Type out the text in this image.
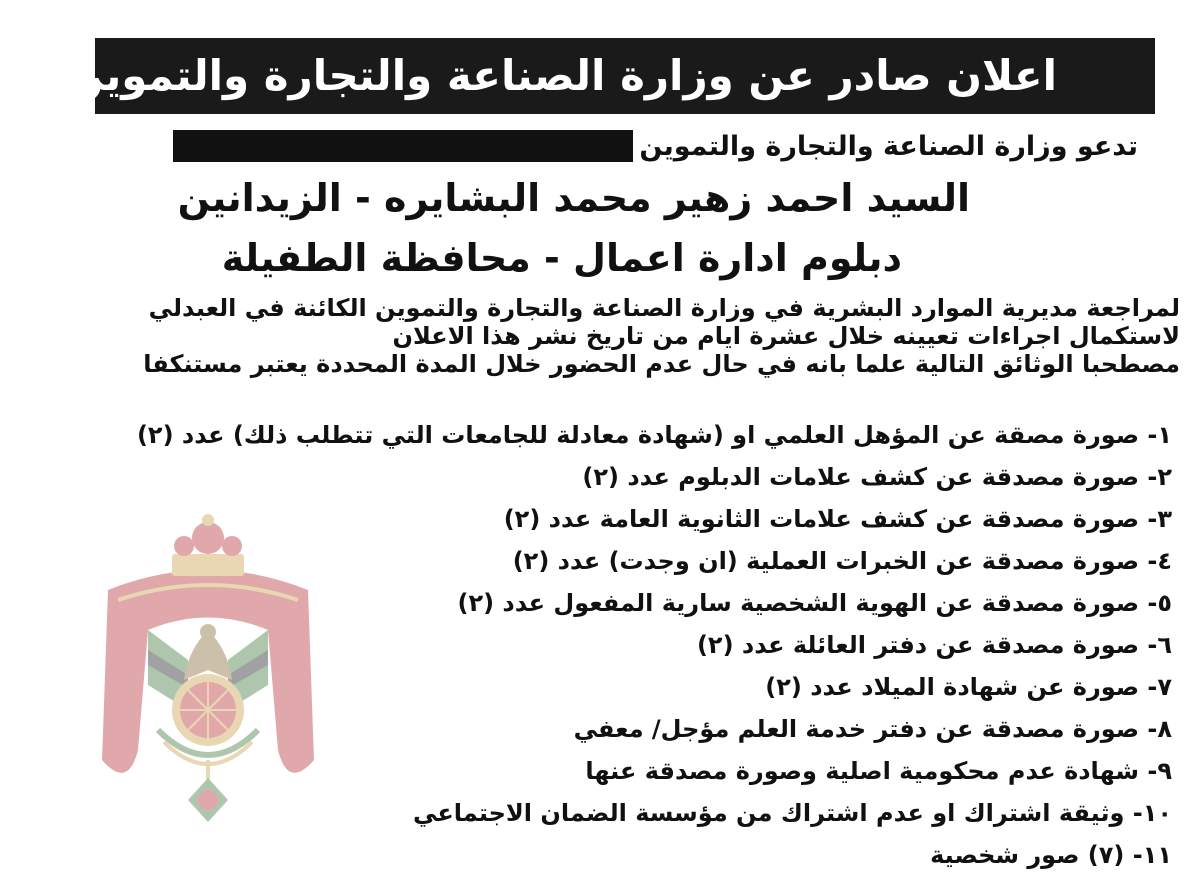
اعلان صادر عن وزارة الصناعة والتجارة والتموين
تدعو وزارة الصناعة والتجارة والتموين
السيد احمد زهير محمد البشايره - الزيدانين
دبلوم ادارة اعمال - محافظة الطفيلة
لمراجعة مديرية الموارد البشرية في وزارة الصناعة والتجارة والتموين الكائنة في العبدلي
لاستكمال اجراءات تعيينه خلال عشرة ايام من تاريخ نشر هذا الاعلان
مصطحبا الوثائق التالية علما بانه في حال عدم الحضور خلال المدة المحددة يعتبر مستنكفا
١- صورة مصقة عن المؤهل العلمي او (شهادة معادلة للجامعات التي تتطلب ذلك) عدد (٢)
٢- صورة مصدقة عن كشف علامات الدبلوم عدد (٢)
٣- صورة مصدقة عن كشف علامات الثانوية العامة عدد (٢)
٤- صورة مصدقة عن الخبرات العملية (ان وجدت) عدد (٢)
٥- صورة مصدقة عن الهوية الشخصية سارية المفعول عدد (٢)
٦- صورة مصدقة عن دفتر العائلة عدد (٢)
٧- صورة عن شهادة الميلاد عدد (٢)
٨- صورة مصدقة عن دفتر خدمة العلم مؤجل/ معفي
٩- شهادة عدم محكومية اصلية وصورة مصدقة عنها
١٠- وثيقة اشتراك او عدم اشتراك من مؤسسة الضمان الاجتماعي
١١- (٧) صور شخصية
